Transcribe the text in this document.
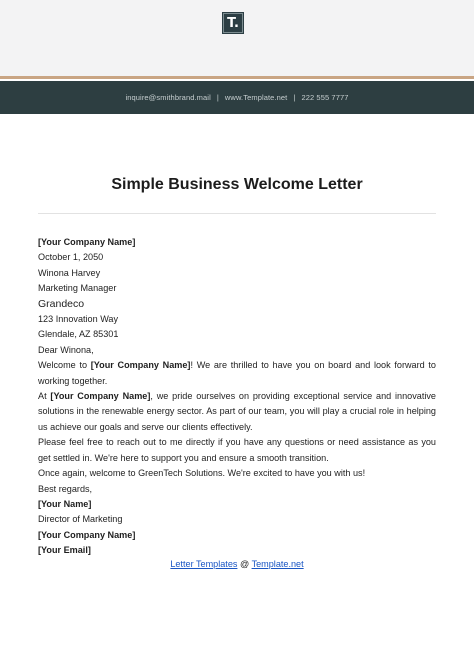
T.
inquire@smithbrand.mail | www.Template.net | 222 555 7777
Simple Business Welcome Letter

[Your Company Name]

October 1, 2050

Winona Harvey

Marketing Manager

Grandeco

123 Innovation Way

Glendale, AZ 85301

Dear Winona,

Welcome to [Your Company Name]! We are thrilled to have you on board and look forward to working together.

At [Your Company Name], we pride ourselves on providing exceptional service and innovative solutions in the renewable energy sector. As part of our team, you will play a crucial role in helping us achieve our goals and serve our clients effectively.

Please feel free to reach out to me directly if you have any questions or need assistance as you get settled in. We're here to support you and ensure a smooth transition.

Once again, welcome to GreenTech Solutions. We're excited to have you with us!

Best regards,

[Your Name]

Director of Marketing

[Your Company Name]

[Your Email]

Letter Templates @ Template.net
